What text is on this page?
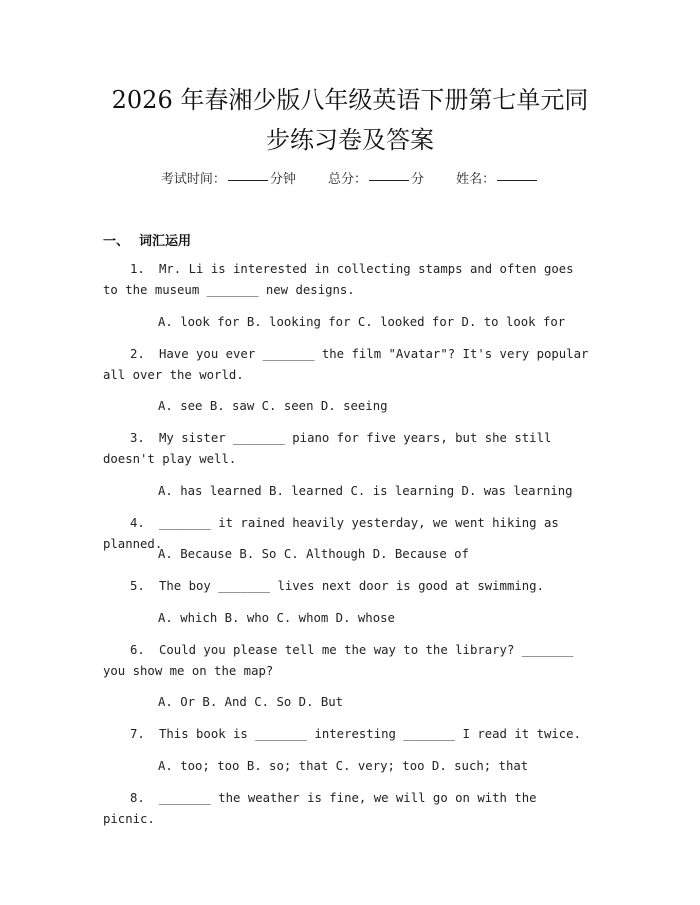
2026 年春湘少版八年级英语下册第七单元同
步练习卷及答案
考试时间：	分钟 总分：	分 姓名：
一、 词汇运用
1. Mr. Li is interested in collecting stamps and often goes to the museum _______ new designs.
A. look for B. looking for C. looked for D. to look for
2. Have you ever _______ the film "Avatar"? It's very popular all over the world.
A. see B. saw C. seen D. seeing
3. My sister _______ piano for five years, but she still doesn't play well.
A. has learned B. learned C. is learning D. was learning
4. _______ it rained heavily yesterday, we went hiking as planned.
A. Because B. So C. Although D. Because of
5. The boy _______ lives next door is good at swimming.
A. which B. who C. whom D. whose
6. Could you please tell me the way to the library? _______ you show me on the map?
A. Or B. And C. So D. But
7. This book is _______ interesting _______ I read it twice.
A. too; too B. so; that C. very; too D. such; that
8. _______ the weather is fine, we will go on with the picnic.
